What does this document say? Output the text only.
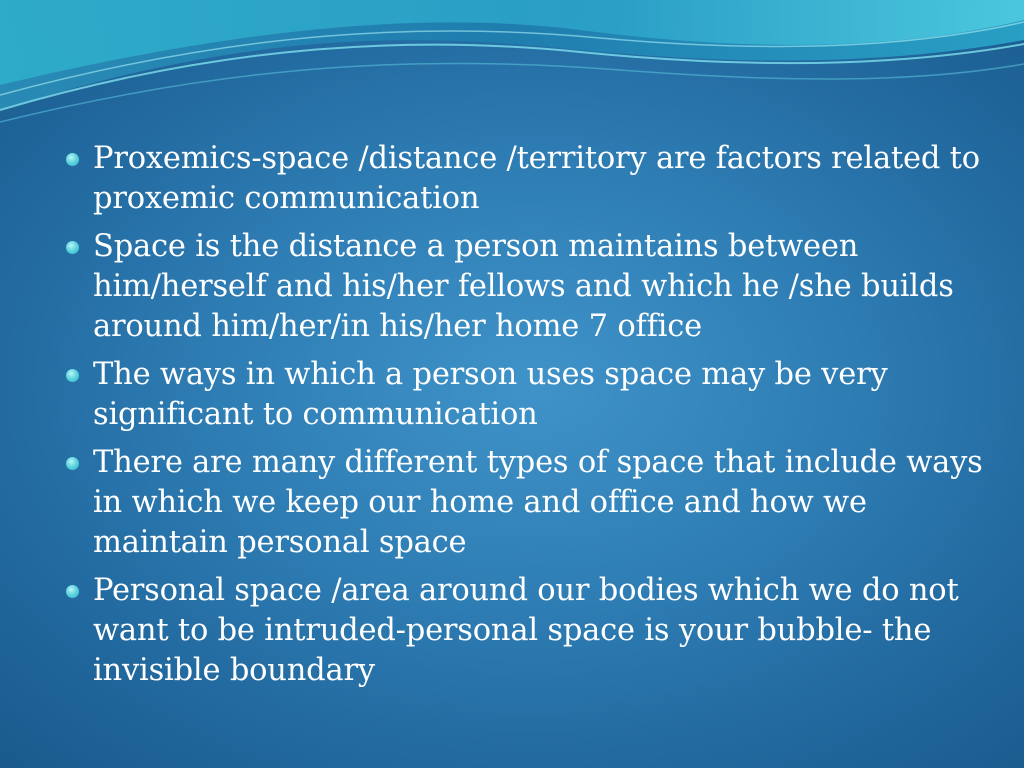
Proxemics-space /distance /territory are factors related to proxemic communication
Space is the distance a person maintains between him/herself and his/her fellows and which he /she builds around him/her/in his/her home 7 office
The ways in which a person uses space may be very significant to communication
There are many different types of space that include ways in which we keep our home and office and how we maintain personal space
Personal space /area around our bodies which we do not want to be intruded-personal space is your bubble- the invisible boundary
